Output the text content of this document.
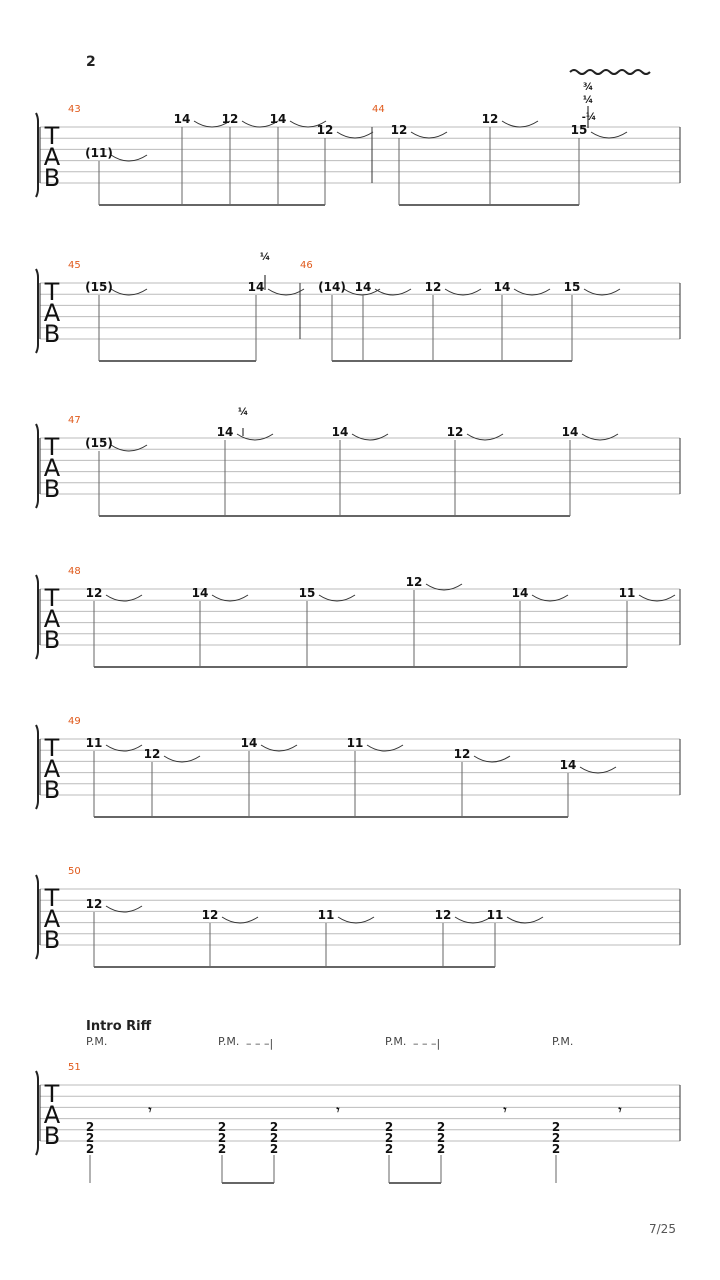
2
Intro Riff
P.M.	P.M. – – –|	P.M. – – –|	P.M.
7/25
T
A
B
43
(11)
14	12	14
12
44
12
12
15
T
A
B
45
(15)	14
46
(14) 14	12	14	15
T
A
B
47
(15)
14	14	12	14
T
A
B
48
12	14	15
12
14	11
T
A
B
49
11
12
14	11
12
14
T
A
B
50
12
12	11	12	11
T
A
B
51
2
2
2
2
2
2
2
2
2
2
2
2
2
2
2
2
2
2
𝄾	𝄾	𝄾	𝄾
¼
¼
¾
¼
-¼
